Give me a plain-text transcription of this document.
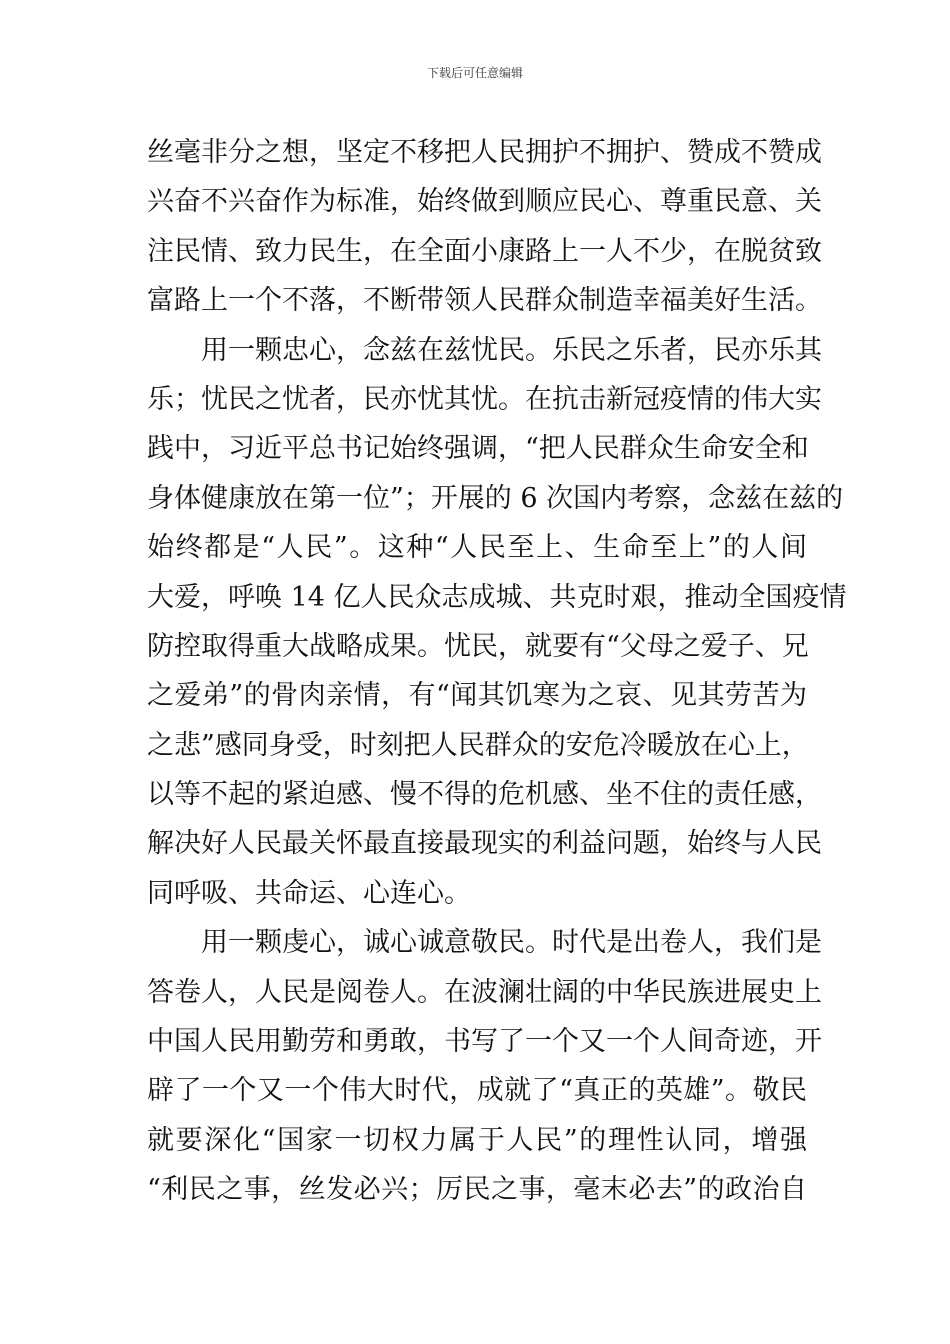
下载后可任意编辑
丝毫非分之想，坚定不移把人民拥护不拥护、赞成不赞成
兴奋不兴奋作为标准，始终做到顺应民心、尊重民意、关
注民情、致力民生，在全面小康路上一人不少，在脱贫致
富路上一个不落，不断带领人民群众制造幸福美好生活。
用一颗忠心，念兹在兹忧民。乐民之乐者，民亦乐其
乐；忧民之忧者，民亦忧其忧。在抗击新冠疫情的伟大实
践中，习近平总书记始终强调，“把人民群众生命安全和
身体健康放在第一位”；开展的 6 次国内考察，念兹在兹的
始终都是“人民”。这种“人民至上、生命至上”的人间
大爱，呼唤 14 亿人民众志成城、共克时艰，推动全国疫情
防控取得重大战略成果。忧民，就要有“父母之爱子、兄
之爱弟”的骨肉亲情，有“闻其饥寒为之哀、见其劳苦为
之悲”感同身受，时刻把人民群众的安危冷暖放在心上，
以等不起的紧迫感、慢不得的危机感、坐不住的责任感，
解决好人民最关怀最直接最现实的利益问题，始终与人民
同呼吸、共命运、心连心。
用一颗虔心，诚心诚意敬民。时代是出卷人，我们是
答卷人，人民是阅卷人。在波澜壮阔的中华民族进展史上
中国人民用勤劳和勇敢，书写了一个又一个人间奇迹，开
辟了一个又一个伟大时代，成就了“真正的英雄”。敬民
就要深化“国家一切权力属于人民”的理性认同，增强
“利民之事，丝发必兴；厉民之事，毫末必去”的政治自
